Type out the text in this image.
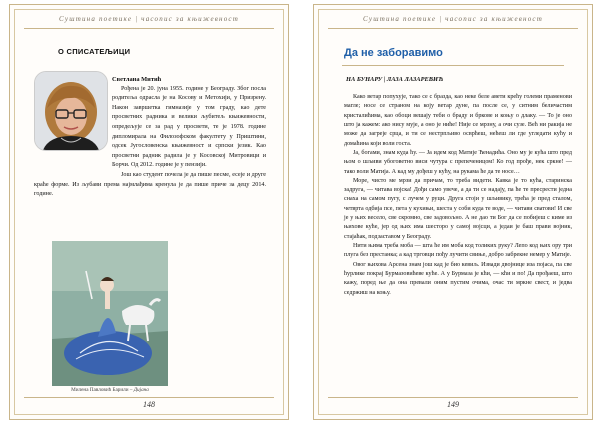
Суштина поетике | часопис за књижевност
О СПИСАТЕЉИЦИ

Светлана Митић

Рођена је 20. јуна 1955. године у Београду. Због посла родитеља одрасла је на Косову и Метохији, у Призрену. Након завршетка гимназије у том граду, као дете просветних радника и велики љубитељ књижевности, опредељује се за рад у просвети, те је 1978. године дипломирала на Филозофском факултету у Приштини, одсек Југословенска књижевност и српски језик. Као просветни радник радила је у Косовској Митровици и Борчи. Од 2012. године је у пензији.

Још као студент почела је да пише песме, есеје и друге краће форме. Из љубави према најмлађима кренула је да пише приче за децу 2014. године.

Милена Павловић Барили – Дијана
148
Суштина поетике | часопис за књижевност
Да не заборавимо
НА БУНАРУ | ЛАЗА ЛАЗАРЕВИЋ

Како ветар попухује, тако се с бразда, као неке беле авети крећу големи праменови магле; носе се страном на коју ветар дуне, па после се, у ситним беличастим кристалићима, као обоци вешају теби о браду и бркове и коњу о длаку. — То је оно што ја кажем: ако нису мује, а оно је ниће! Није се мрзну, а очи сузе. Већ ни ракија не може да загреје срца, и ти се нестрпљиво осврћеш, нећеш ли где угледати кућу и домаћина који воли госта.

Ја, богами, знам куда ћу. — Ја идем код Матије Ћенадића. Оно му је кућа што пред њом о шљиви убоговетно виси чутура с препеченицом! Ко год прође, нек сркне! — тако воли Матија. А кад му дођеш у кућу, на рукама ће да те носе…

Море, чисто ме мрзи да причам, то треба видети. Кавка је то кућа, старинска задруга, — читава војска! Дођи само увече, а да ти се надају, па ће те пресрести једна снаха на самом пугу, с лучем у руци. Друга стоји у шљивику, трећа је пред сталом, четврта одбија псе, пета у кухињи, шеста у соби куда те воде, — читави сватови! И све је у њих весело, све скромно, све задовољно. А не дао ти Бог да се побијеш с киме из њихове куће, јер од њих има шесторо у самој војсци, а једаи је баш прави војник, стајаћак, подзаставом у Београду.

Нити њима треба моба — шта ће им моба код толиких руку? Лепо код њих ору три плуга без престанка; а кад трговци пођу лучити свиње, добро забрекне немер у Матије.

Овог њихова Арсена знам још кад је био кевиљ. Извади двојнице иза појаса, па све ћурлике покрај Бурмазовићеве куће. А у Бурмаза је кћи, — кћи и по! Да прођаеш, што кажу, поред ње да она превали оним пустим очима, очас ти мркне свест, и једва седржиш на коњу.

149
